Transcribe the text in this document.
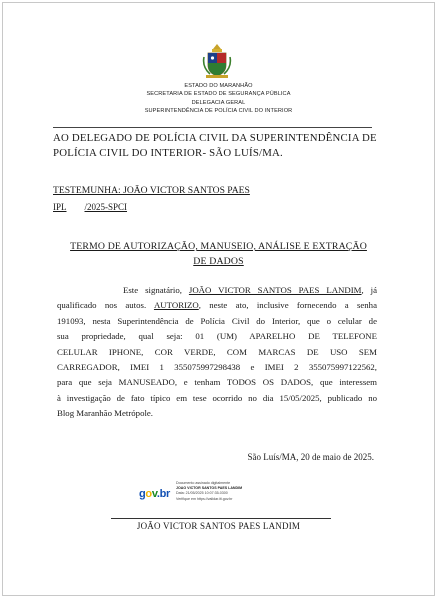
ESTADO DO MARANHÃO
SECRETARIA DE ESTADO DE SEGURANÇA PÚBLICA
DELEGACIA GERAL
SUPERINTENDÊNCIA DE POLÍCIA CIVIL DO INTERIOR
AO DELEGADO DE POLÍCIA CIVIL DA SUPERINTENDÊNCIA DE
POLÍCIA CIVIL DO INTERIOR- SÃO LUÍS/MA.
TESTEMUNHA: JOÃO VICTOR SANTOS PAES
IPL /2025-SPCI
TERMO DE AUTORIZAÇÃO, MANUSEIO, ANÁLISE E EXTRAÇÃO
DE DADOS
Este signatário, JOÃO VICTOR SANTOS PAES LANDIM, já
qualificado nos autos. AUTORIZO, neste ato, inclusive fornecendo a senha
191093, nesta Superintendência de Polícia Civil do Interior, que o celular de
sua propriedade, qual seja: 01 (UM) APARELHO DE TELEFONE
CELULAR IPHONE, COR VERDE, COM MARCAS DE USO SEM
CARREGADOR, IMEI 1 355075997298438 e IMEI 2 355075997122562,
para que seja MANUSEADO, e tenham TODOS OS DADOS, que interessem
à investigação de fato típico em tese ocorrido no dia 15/05/2025, publicado no
Blog Maranhão Metrópole.
São Luís/MA, 20 de maio de 2025.
gov.br
Documento assinado digitalmente
JOAO VICTOR SANTOS PAES LANDIM
Data: 21/05/2025 10:07:35-0300
Verifique em https://validar.iti.gov.br
JOÃO VICTOR SANTOS PAES LANDIM
